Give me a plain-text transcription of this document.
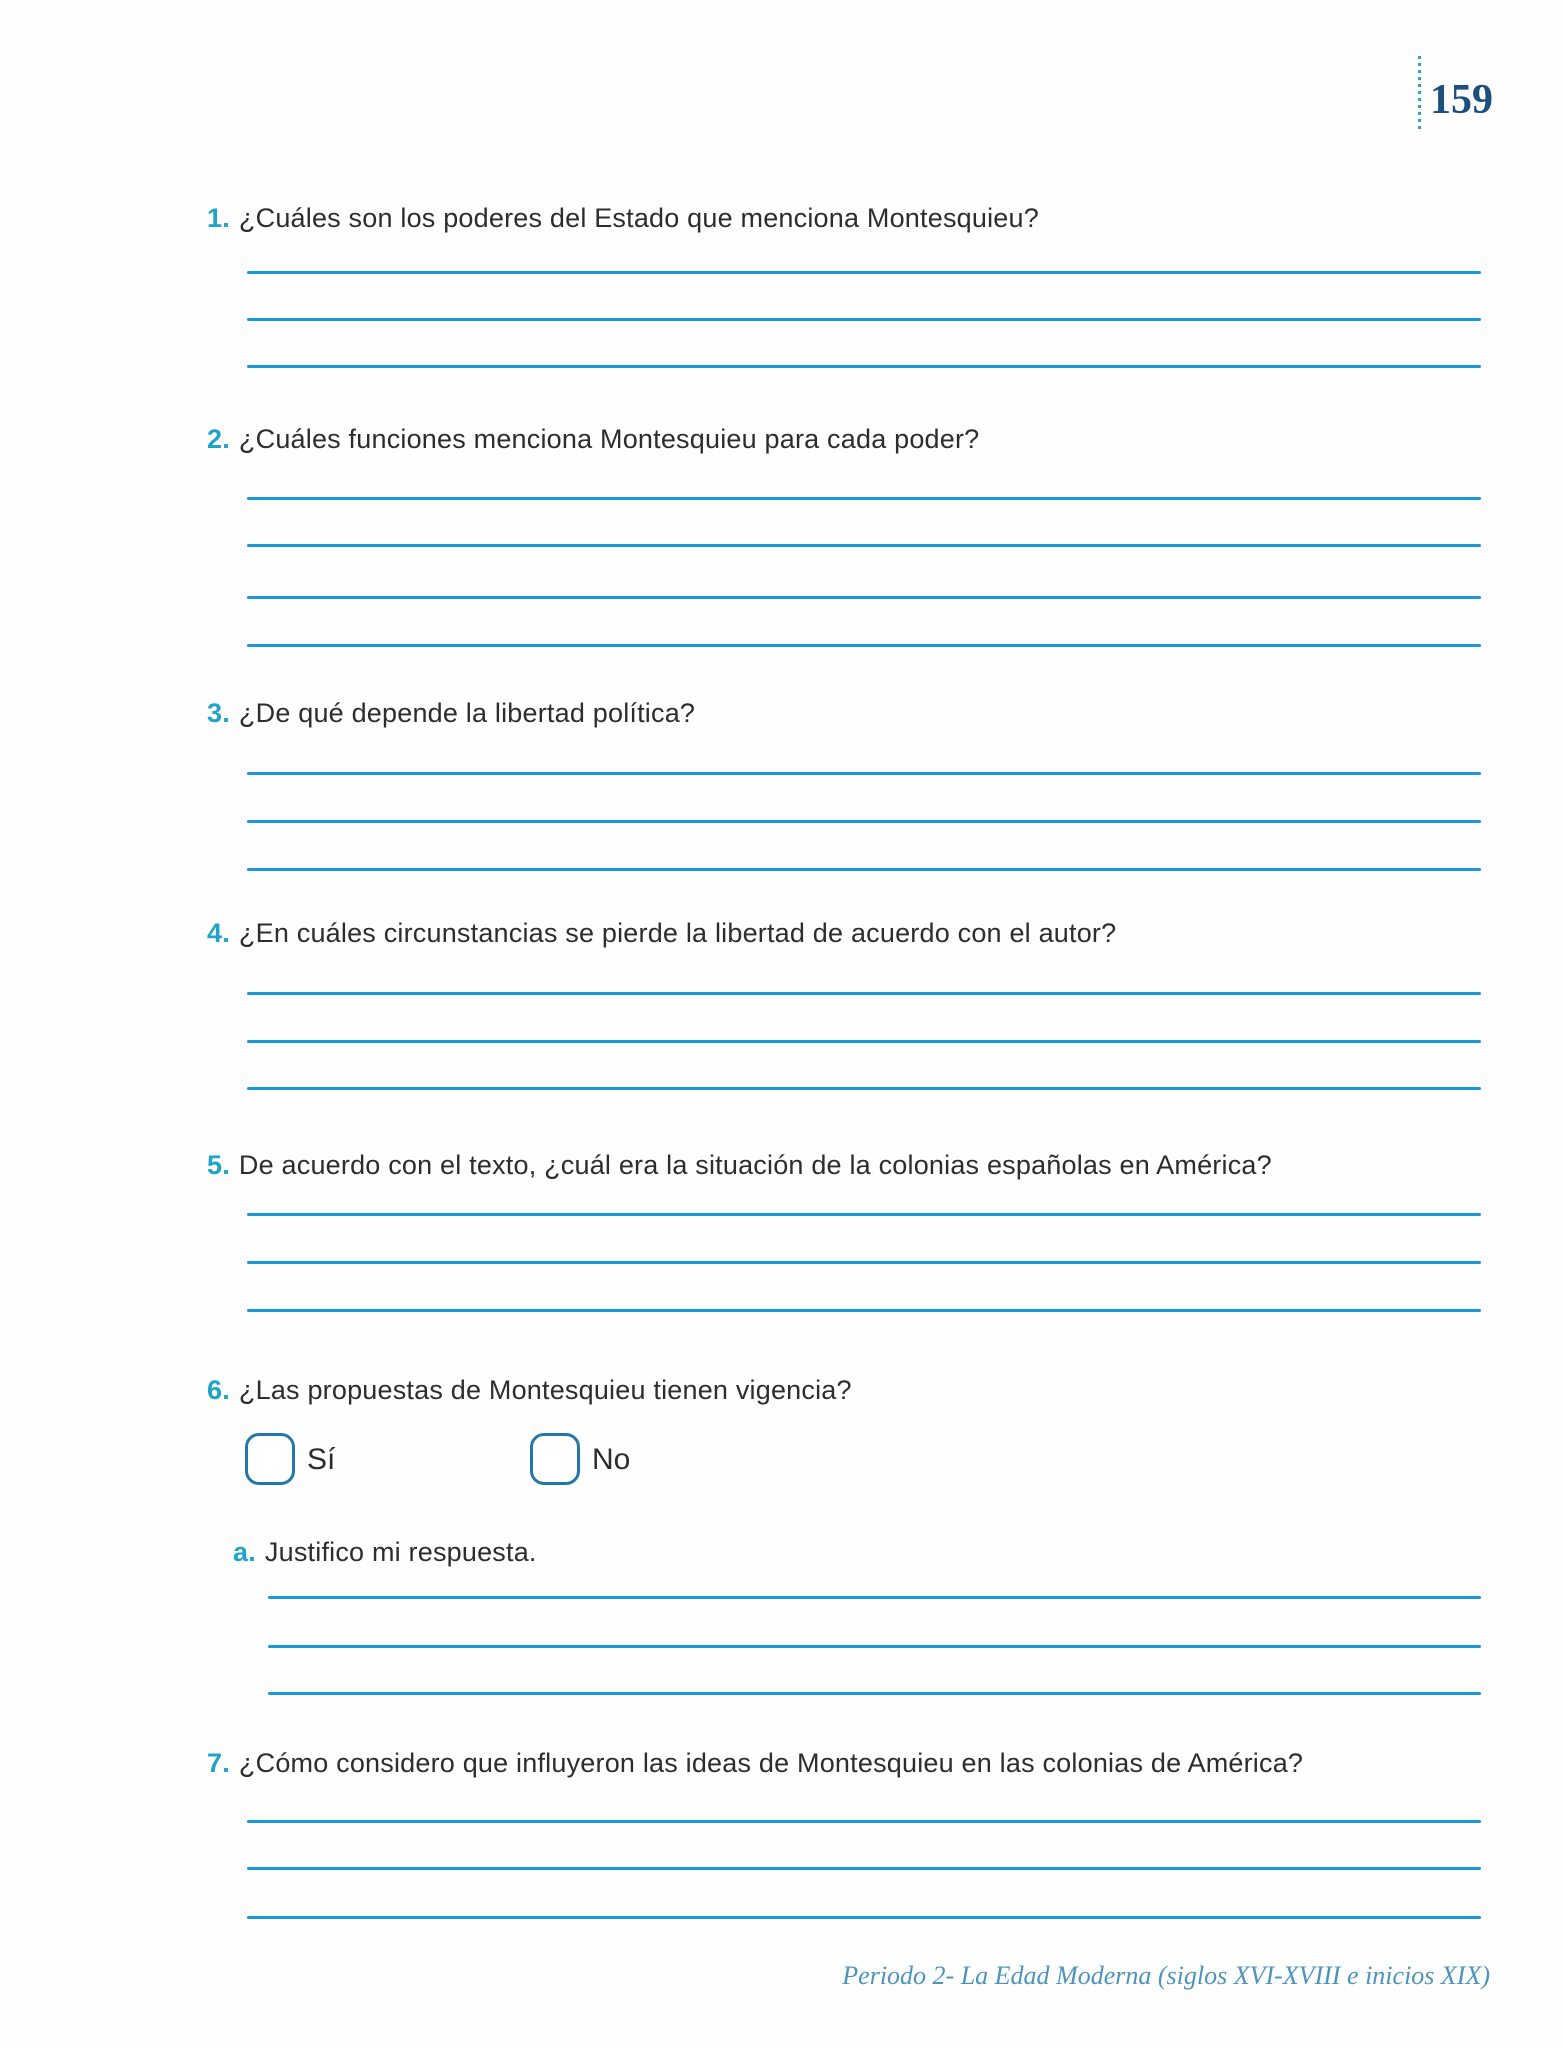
159
1. ¿Cuáles son los poderes del Estado que menciona Montesquieu?
2. ¿Cuáles funciones menciona Montesquieu para cada poder?
3. ¿De qué depende la libertad política?
4. ¿En cuáles circunstancias se pierde la libertad de acuerdo con el autor?
5. De acuerdo con el texto, ¿cuál era la situación de la colonias españolas en América?
6. ¿Las propuestas de Montesquieu tienen vigencia?
Sí	No
a. Justifico mi respuesta.
7. ¿Cómo considero que influyeron las ideas de Montesquieu en las colonias de América?
Periodo 2- La Edad Moderna (siglos XVI-XVIII e inicios XIX)
